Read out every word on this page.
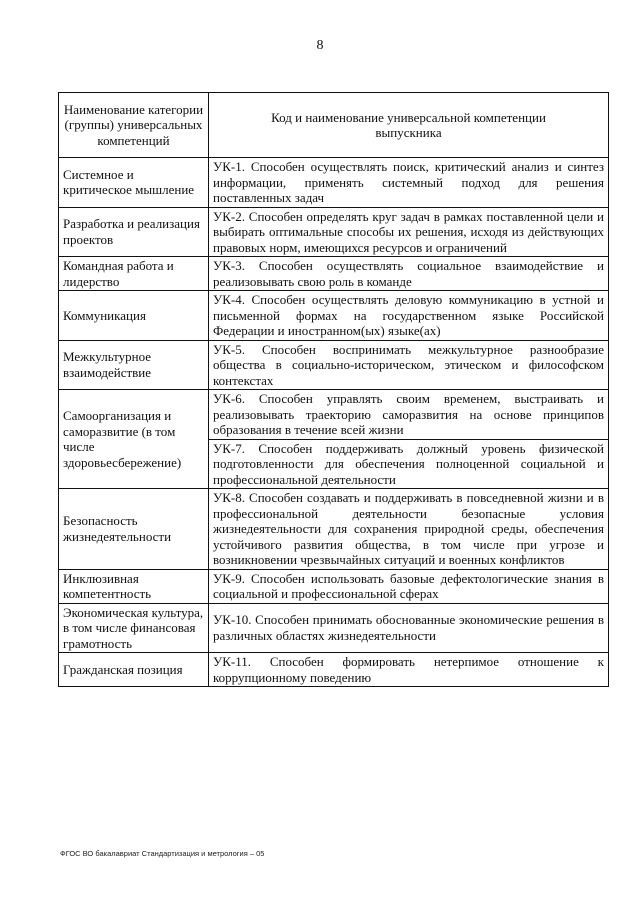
8
Наименование категории (группы) универсальных компетенций	Код и наименование универсальной компетенции выпускника
Системное и критическое мышление	УК-1. Способен осуществлять поиск, критический анализ и синтез информации, применять системный подход для решения поставленных задач
Разработка и реализация проектов	УК-2. Способен определять круг задач в рамках поставленной цели и выбирать оптимальные способы их решения, исходя из действующих правовых норм, имеющихся ресурсов и ограничений
Командная работа и лидерство	УК-3. Способен осуществлять социальное взаимодействие и реализовывать свою роль в команде
Коммуникация	УК-4. Способен осуществлять деловую коммуникацию в устной и письменной формах на государственном языке Российской Федерации и иностранном(ых) языке(ах)
Межкультурное взаимодействие	УК-5. Способен воспринимать межкультурное разнообразие общества в социально-историческом, этическом и философском контекстах
Самоорганизация и саморазвитие (в том числе здоровьесбережение)	УК-6. Способен управлять своим временем, выстраивать и реализовывать траекторию саморазвития на основе принципов образования в течение всей жизни
	УК-7. Способен поддерживать должный уровень физической подготовленности для обеспечения полноценной социальной и профессиональной деятельности
Безопасность жизнедеятельности	УК-8. Способен создавать и поддерживать в повседневной жизни и в профессиональной деятельности безопасные условия жизнедеятельности для сохранения природной среды, обеспечения устойчивого развития общества, в том числе при угрозе и возникновении чрезвычайных ситуаций и военных конфликтов
Инклюзивная компетентность	УК-9. Способен использовать базовые дефектологические знания в социальной и профессиональной сферах
Экономическая культура, в том числе финансовая грамотность	УК-10. Способен принимать обоснованные экономические решения в различных областях жизнедеятельности
Гражданская позиция	УК-11. Способен формировать нетерпимое отношение к коррупционному поведению
ФГОС ВО бакалавриат Стандартизация и метрология – 05
